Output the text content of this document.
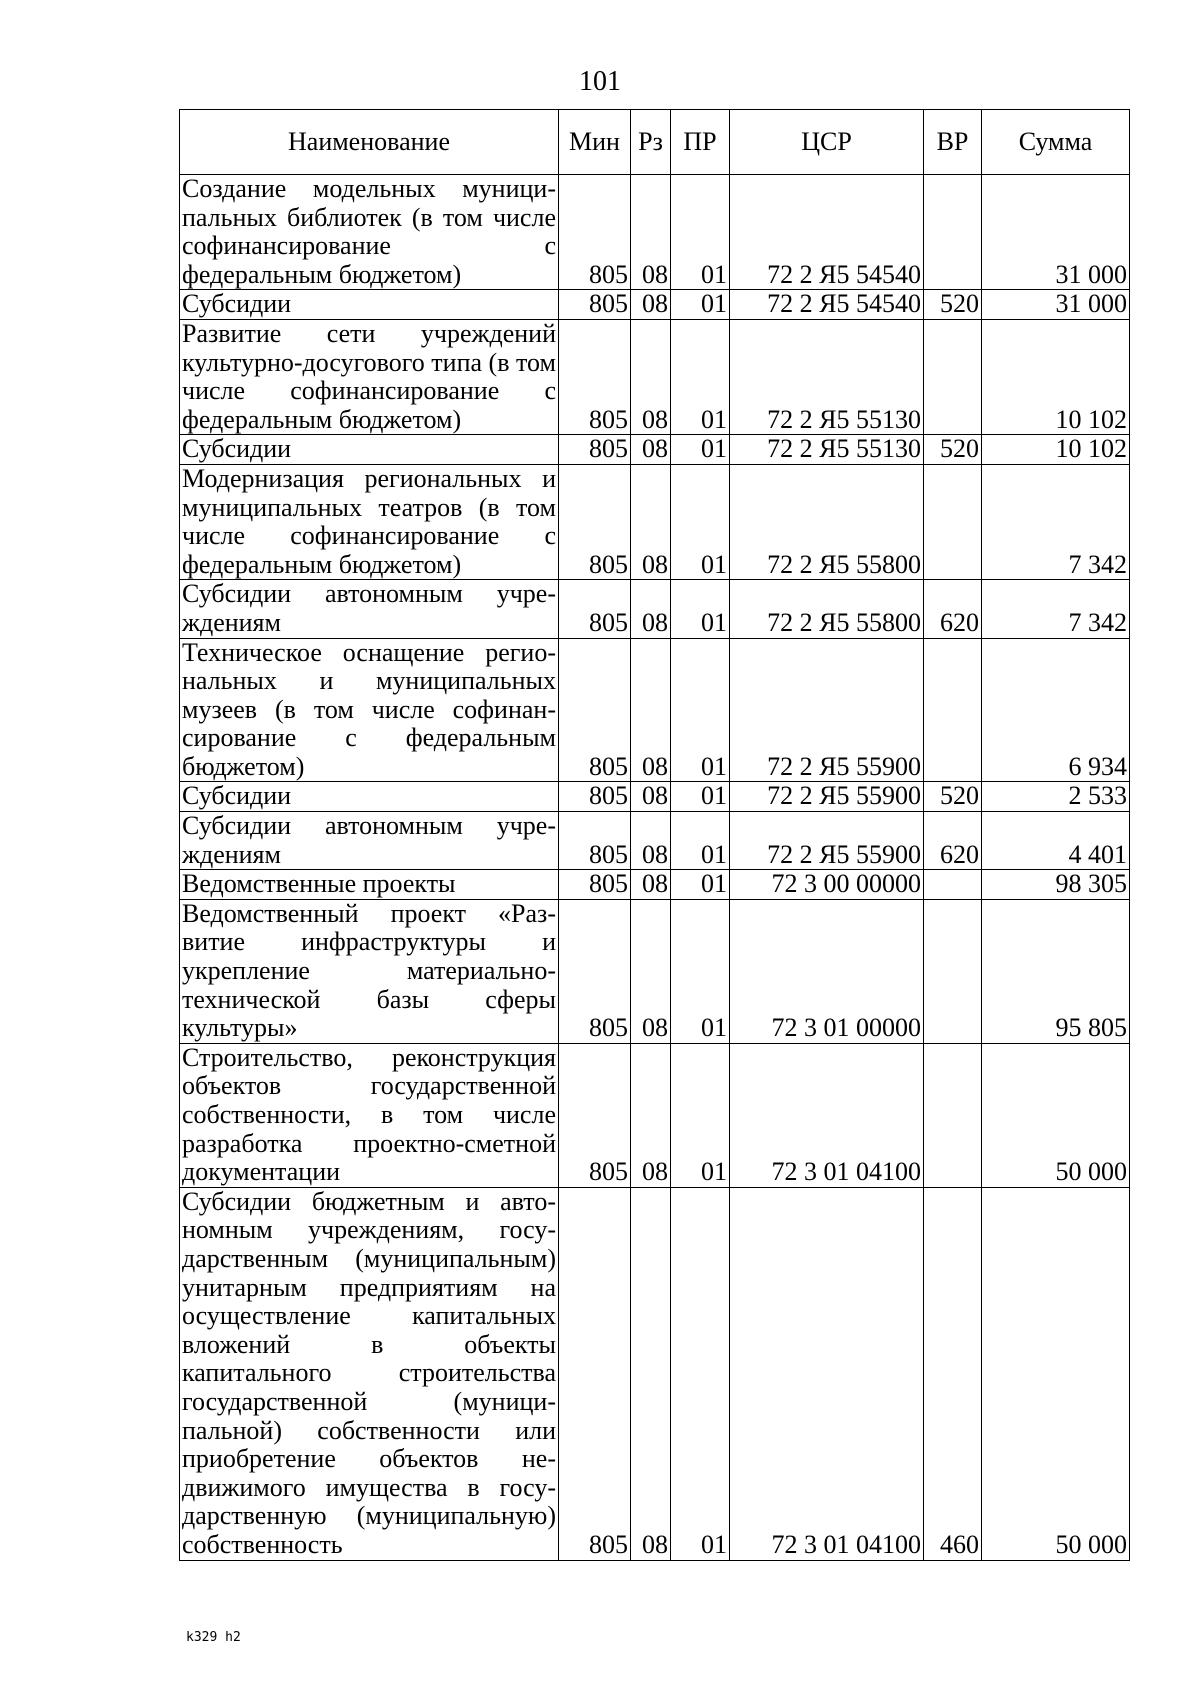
101
Наименование	Мин	Рз	ПР	ЦСР	ВР	Сумма
Создание модельных муниципальных библиотек (в том числе софинансирование с федеральным бюджетом)	805	08	01	72 2 Я5 54540		31 000
Субсидии	805	08	01	72 2 Я5 54540	520	31 000
Развитие сети учреждений культурно-досугового типа (в том числе софинансирование с федеральным бюджетом)	805	08	01	72 2 Я5 55130		10 102
Субсидии	805	08	01	72 2 Я5 55130	520	10 102
Модернизация региональных и муниципальных театров (в том числе софинансирование с федеральным бюджетом)	805	08	01	72 2 Я5 55800		7 342
Субсидии автономным учреждениям	805	08	01	72 2 Я5 55800	620	7 342
Техническое оснащение региональных и муниципальных музеев (в том числе софинансирование с федеральным бюджетом)	805	08	01	72 2 Я5 55900		6 934
Субсидии	805	08	01	72 2 Я5 55900	520	2 533
Субсидии автономным учреждениям	805	08	01	72 2 Я5 55900	620	4 401
Ведомственные проекты	805	08	01	72 3 00 00000		98 305
Ведомственный проект «Развитие инфраструктуры и укрепление материально-технической базы сферы культуры»	805	08	01	72 3 01 00000		95 805
Строительство, реконструкция объектов государственной собственности, в том числе разработка проектно-сметной документации	805	08	01	72 3 01 04100		50 000
Субсидии бюджетным и автономным учреждениям, государственным (муниципальным) унитарным предприятиям на осуществление капитальных вложений в объекты капитального строительства государственной (муниципальной) собственности или приобретение объектов недвижимого имущества в государственную (муниципальную) собственность	805	08	01	72 3 01 04100	460	50 000
k329 h2
